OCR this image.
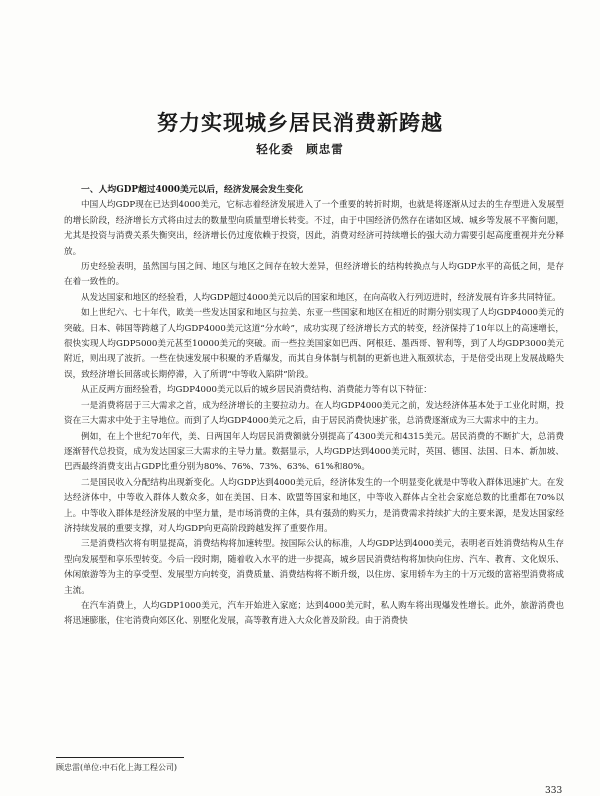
努力实现城乡居民消费新跨越
轻化委　顾忠雷
一、人均GDP超过4000美元以后，经济发展会发生变化

中国人均GDP现在已达到4000美元，它标志着经济发展进入了一个重要的转折时期，也就是将逐渐从过去的生存型进入发展型的增长阶段，经济增长方式将由过去的数量型向质量型增长转变。不过，由于中国经济仍然存在诸如区域、城乡等发展不平衡问题，尤其是投资与消费关系失衡突出，经济增长仍过度依赖于投资，因此，消费对经济可持续增长的强大动力需要引起高度重视并充分释放。

历史经验表明，虽然国与国之间、地区与地区之间存在较大差异，但经济增长的结构转换点与人均GDP水平的高低之间，是存在着一致性的。

从发达国家和地区的经验看，人均GDP超过4000美元以后的国家和地区，在向高收入行列迈进时，经济发展有许多共同特征。

如上世纪六、七十年代，欧美一些发达国家和地区与拉美、东亚一些国家和地区在相近的时期分别实现了人均GDP4000美元的突破。日本、韩国等跨越了人均GDP4000美元这道“分水岭”，成功实现了经济增长方式的转变，经济保持了10年以上的高速增长，很快实现人均GDP5000美元甚至10000美元的突破。而一些拉美国家如巴西、阿根廷、墨西哥、智利等，到了人均GDP3000美元附近，则出现了波折。一些在快速发展中积聚的矛盾爆发，而其自身体制与机制的更新也进入瓶颈状态，于是倍受出现上发展战略失误，致经济增长回落或长期停滞，入了所谓“中等收入陷阱”阶段。

从正反两方面经验看，均GDP4000美元以后的城乡居民消费结构、消费能力等有以下特征：

一是消费将居于三大需求之首，成为经济增长的主要拉动力。在人均GDP4000美元之前，发达经济体基本处于工业化时期，投资在三大需求中处于主导地位。而到了人均GDP4000美元之后，由于居民消费快速扩张，总消费逐渐成为三大需求中的主力。

例如，在上个世纪70年代，美、日两国年人均居民消费额就分别提高了4300美元和4315美元。居民消费的不断扩大，总消费逐渐替代总投资，成为发达国家三大需求的主导力量。数据显示，人均GDP达到4000美元时，英国、德国、法国、日本、新加坡、巴西最终消费支出占GDP比重分别为80%、76%、73%、63%、61%和80%。

二是国民收入分配结构出现新变化。人均GDP达到4000美元后，经济体发生的一个明显变化就是中等收入群体迅速扩大。在发达经济体中，中等收入群体人数众多，如在美国、日本、欧盟等国家和地区，中等收入群体占全社会家庭总数的比重都在70%以上。中等收入群体是经济发展的中坚力量，是市场消费的主体，具有强劲的购买力，是消费需求持续扩大的主要来源，是发达国家经济持续发展的重要支撑，对人均GDP向更高阶段跨越发挥了重要作用。

三是消费档次将有明显提高，消费结构将加速转型。按国际公认的标准，人均GDP达到4000美元，表明老百姓消费结构从生存型向发展型和享乐型转变。今后一段时期，随着收入水平的进一步提高，城乡居民消费结构将加快向住房、汽车、教育、文化娱乐、休闲旅游等为主的享受型、发展型方向转变，消费质量、消费结构将不断升级，以住房、家用轿车为主的十万元级的富裕型消费将成主流。

在汽车消费上，人均GDP1000美元，汽车开始进入家庭；达到4000美元时，私人购车将出现爆发性增长。此外，旅游消费也将迅速膨胀，住宅消费向郊区化、别墅化发展，高等教育进入大众化普及阶段。由于消费快

顾忠雷(单位:中石化上海工程公司)
333
